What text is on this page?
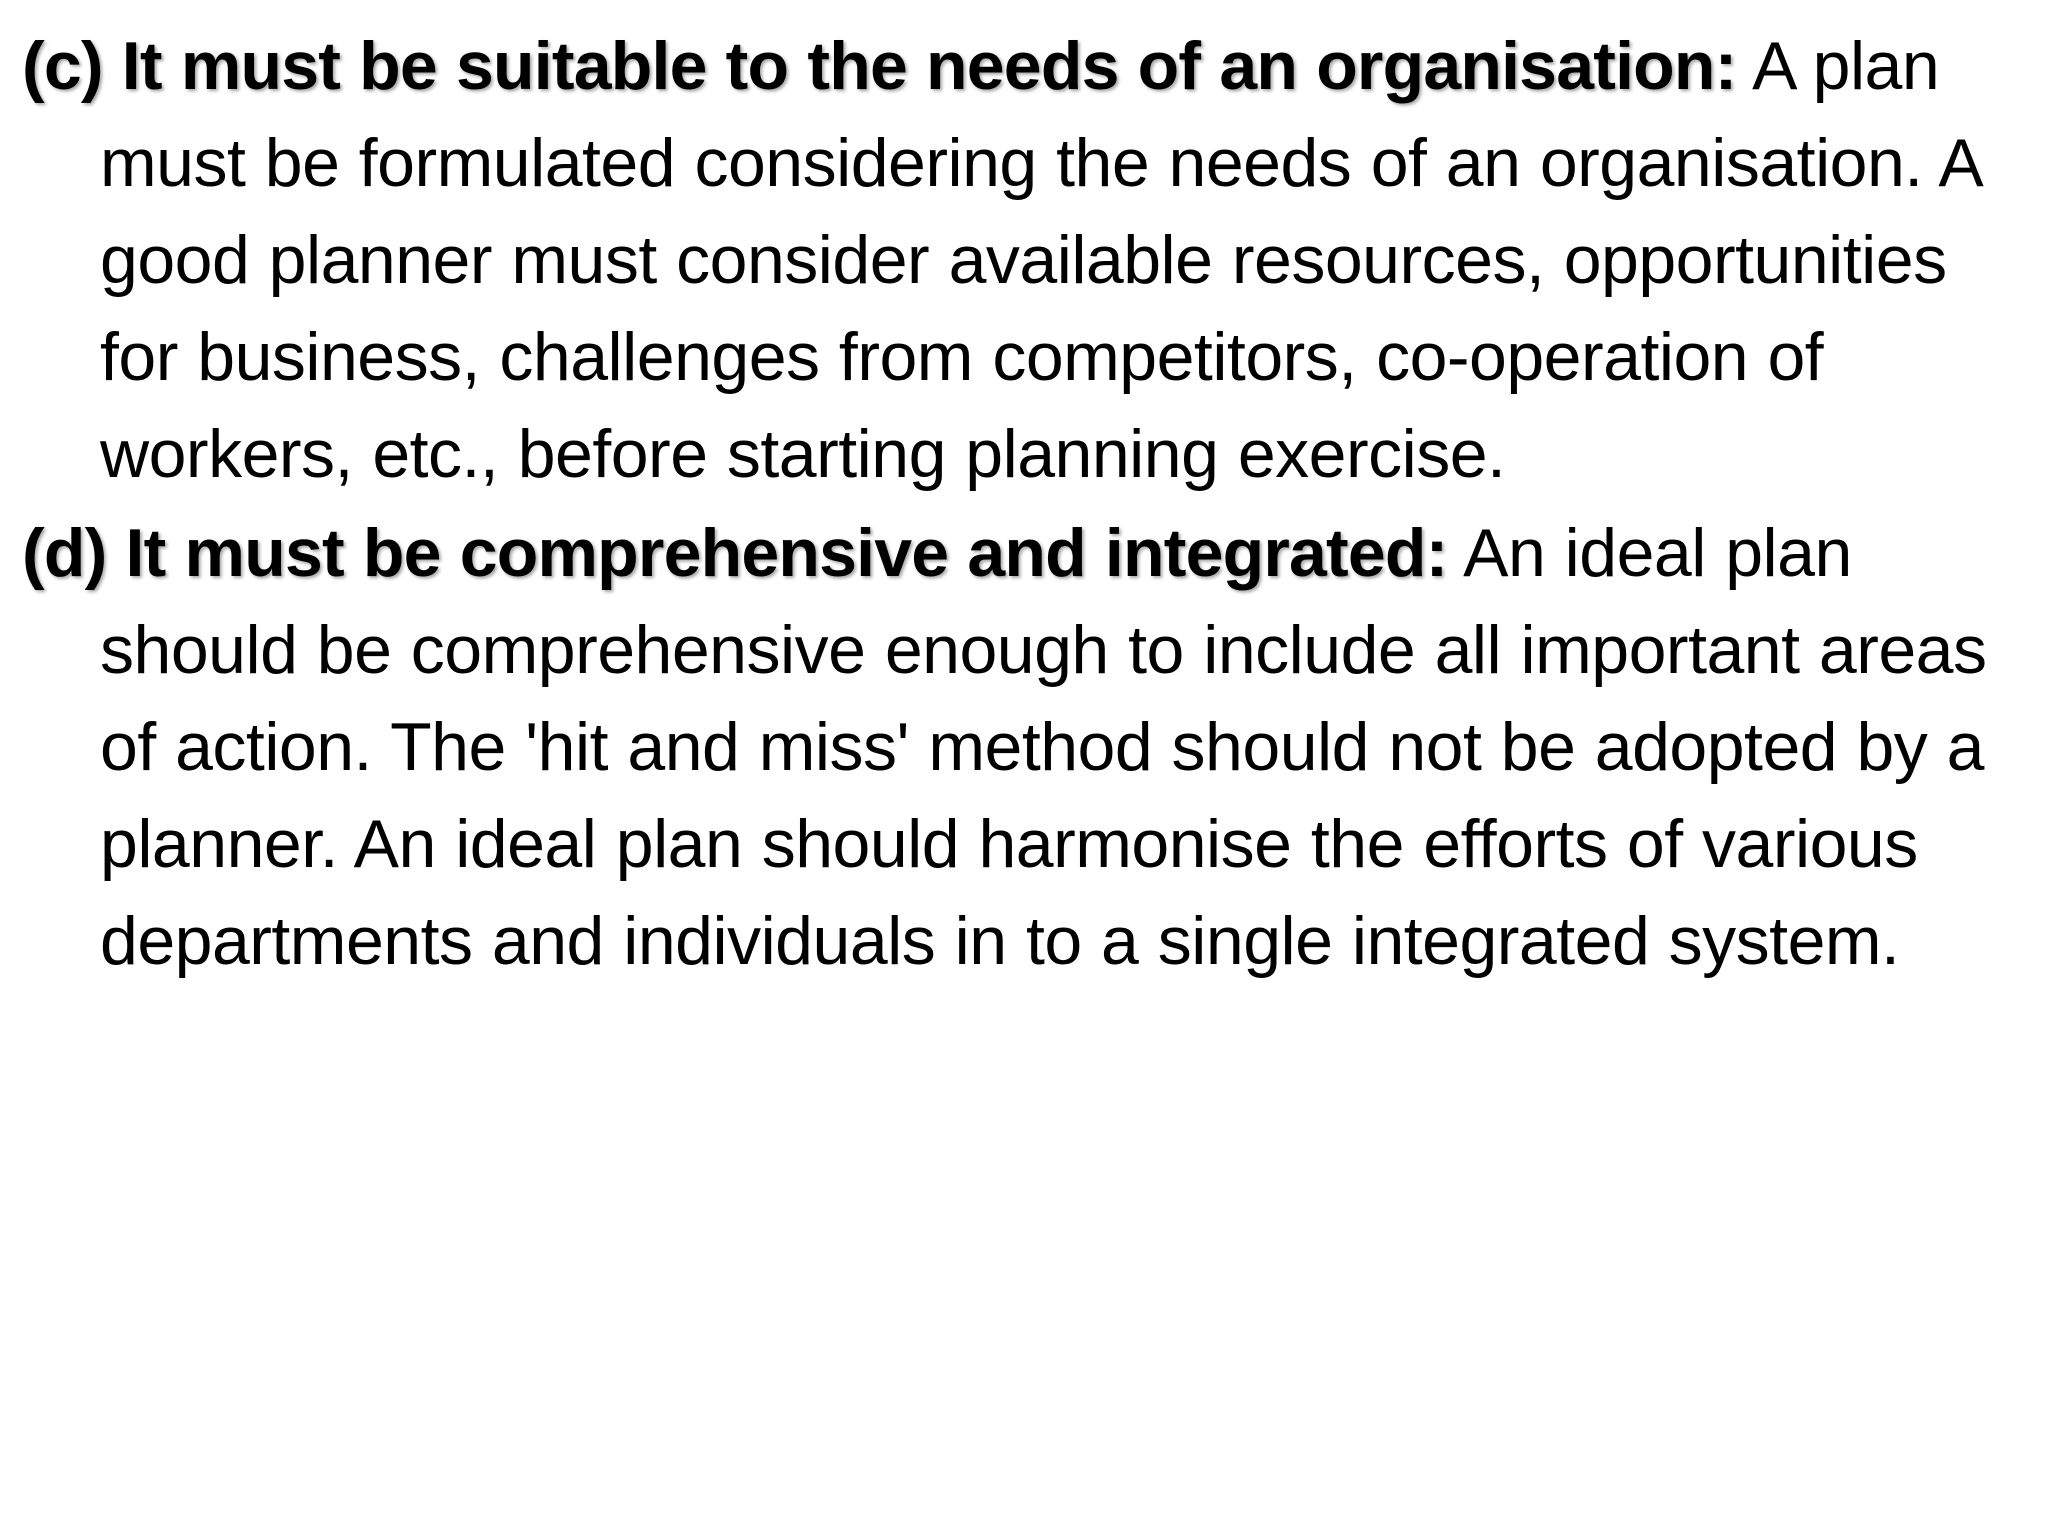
(c) It must be suitable to the needs of an organisation: A plan must be formulated considering the needs of an organisation. A good planner must consider available resources, opportunities for business, challenges from competitors, co-operation of workers, etc., before starting planning exercise.

(d) It must be comprehensive and integrated: An ideal plan should be comprehensive enough to include all important areas of action. The 'hit and miss' method should not be adopted by a planner. An ideal plan should harmonise the efforts of various departments and individuals in to a single integrated system.
